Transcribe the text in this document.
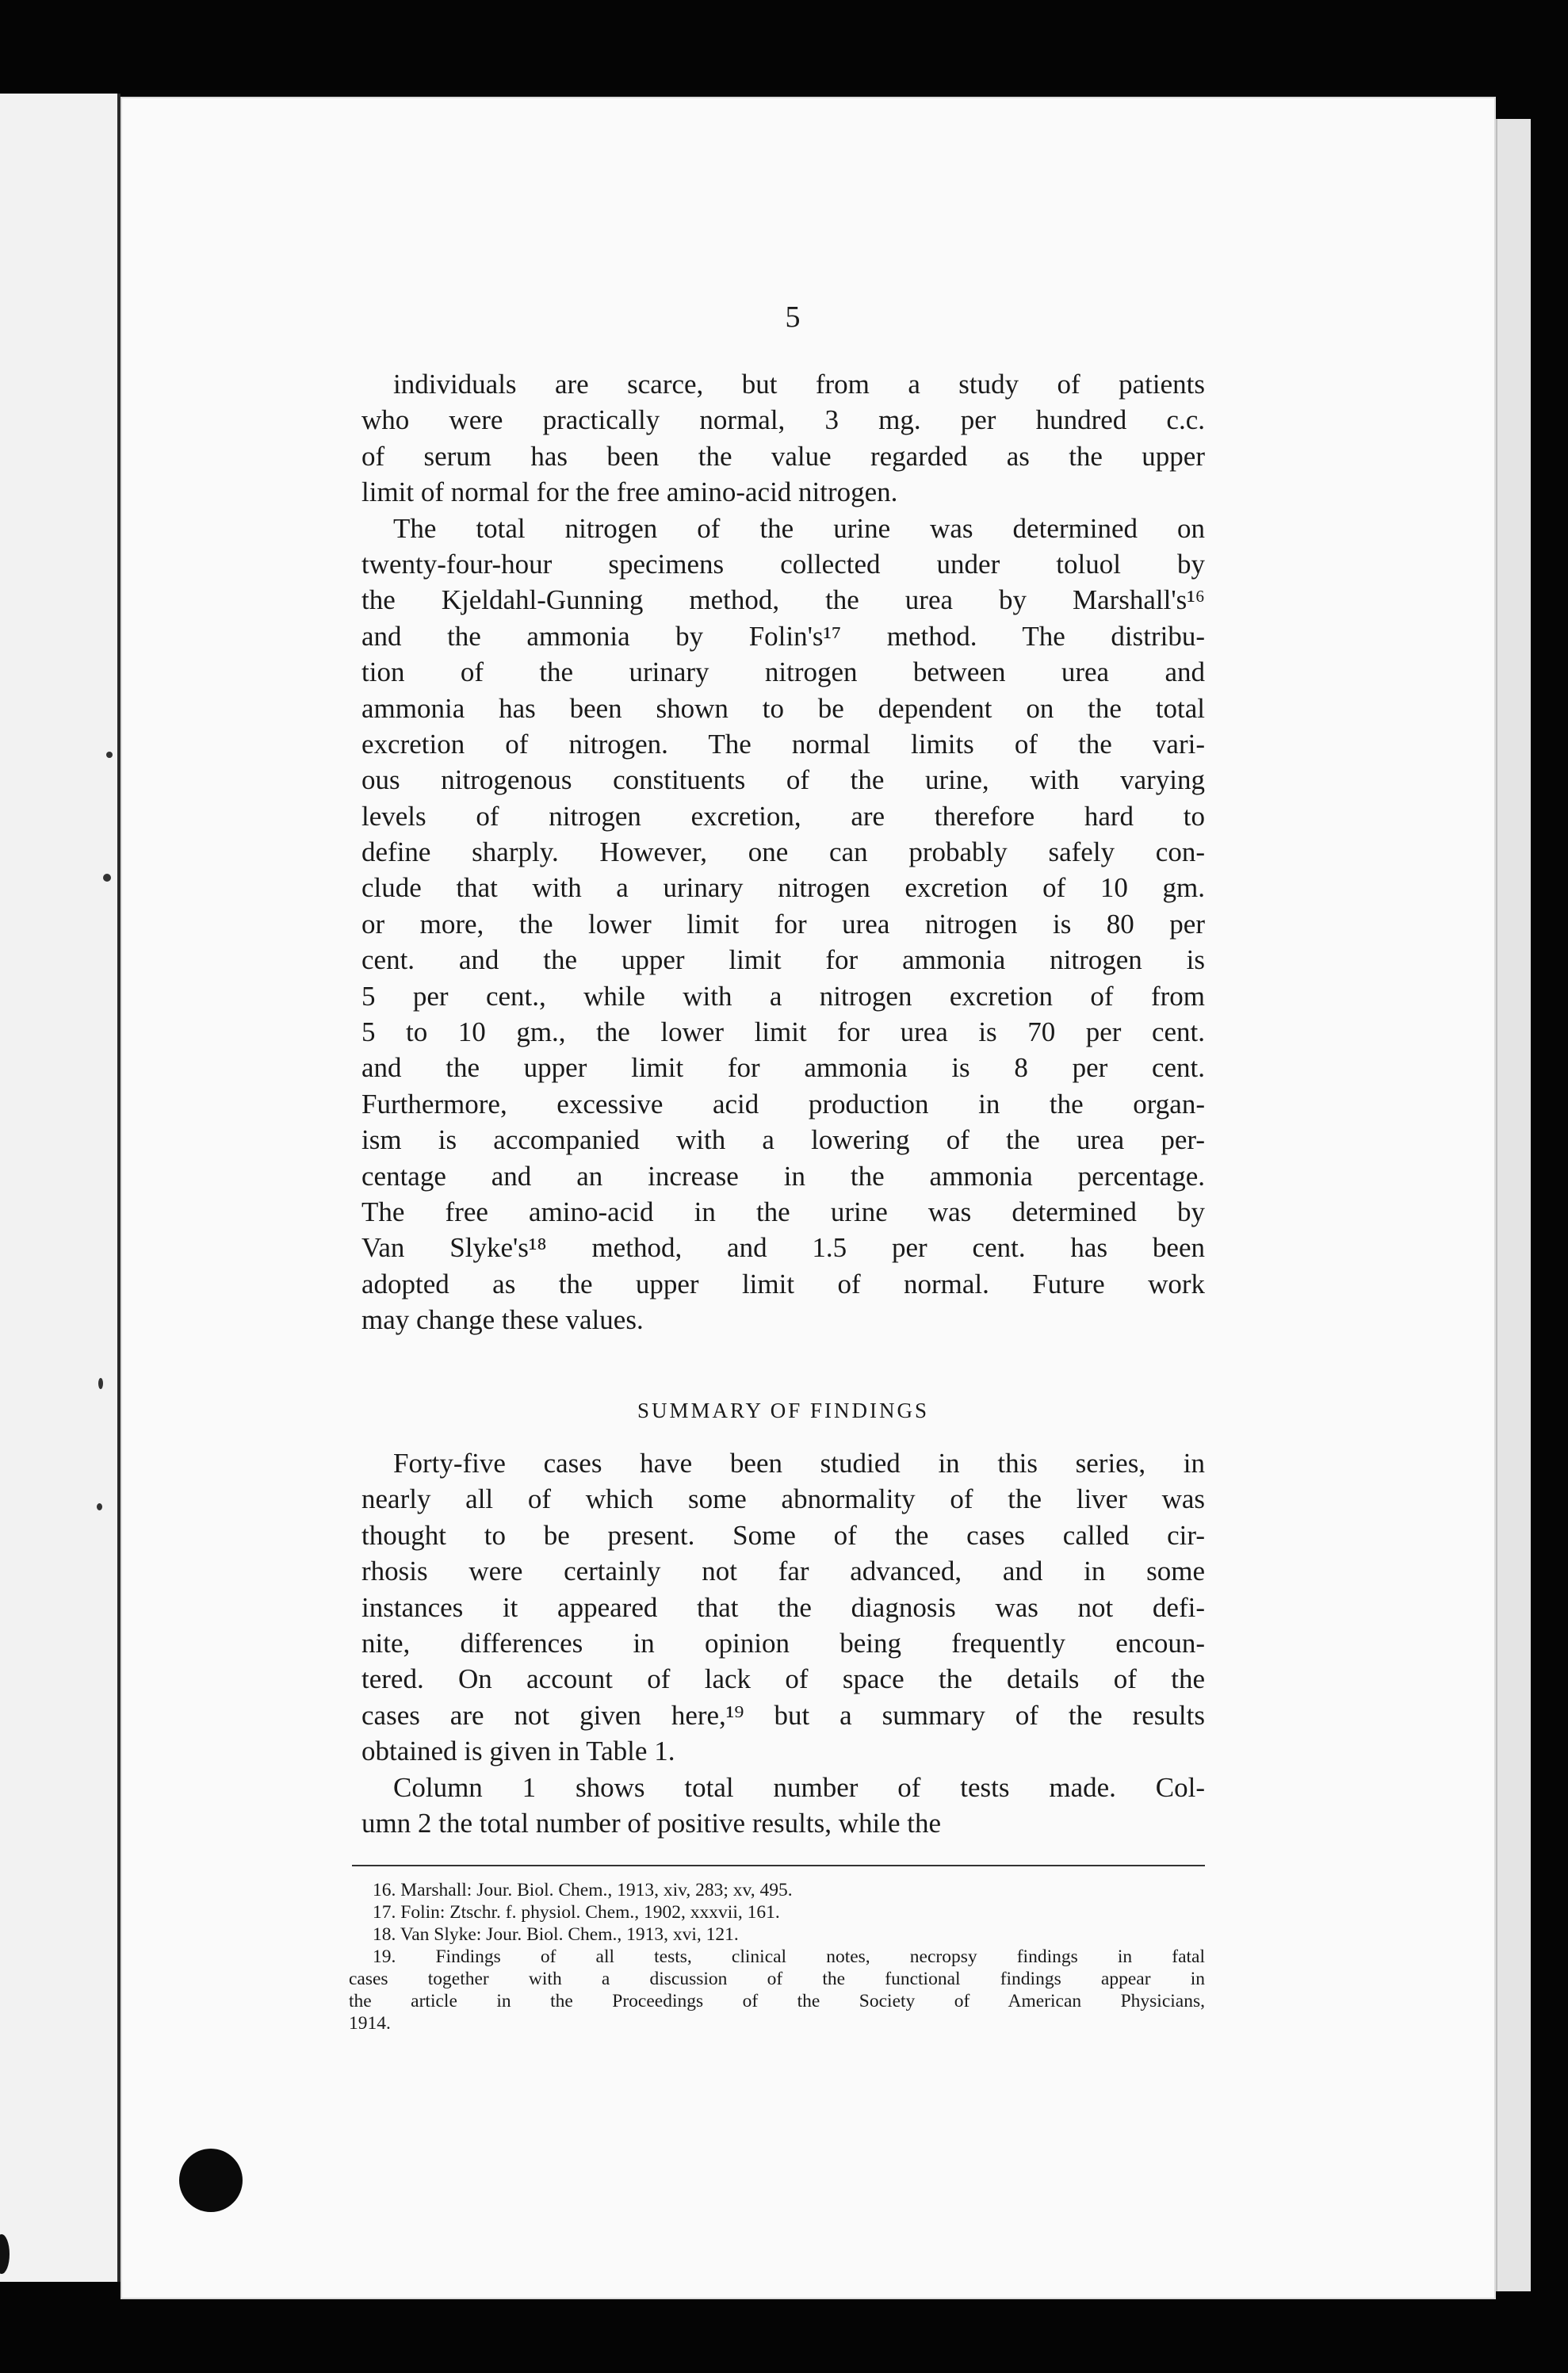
5
individuals are scarce, but from a study of patients
who were practically normal, 3 mg. per hundred c.c.
of serum has been the value regarded as the upper
limit of normal for the free amino-acid nitrogen.
The total nitrogen of the urine was determined on
twenty-four-hour specimens collected under toluol by
the Kjeldahl-Gunning method, the urea by Marshall's¹⁶
and the ammonia by Folin's¹⁷ method. The distribu-
tion of the urinary nitrogen between urea and
ammonia has been shown to be dependent on the total
excretion of nitrogen. The normal limits of the vari-
ous nitrogenous constituents of the urine, with varying
levels of nitrogen excretion, are therefore hard to
define sharply. However, one can probably safely con-
clude that with a urinary nitrogen excretion of 10 gm.
or more, the lower limit for urea nitrogen is 80 per
cent. and the upper limit for ammonia nitrogen is
5 per cent., while with a nitrogen excretion of from
5 to 10 gm., the lower limit for urea is 70 per cent.
and the upper limit for ammonia is 8 per cent.
Furthermore, excessive acid production in the organ-
ism is accompanied with a lowering of the urea per-
centage and an increase in the ammonia percentage.
The free amino-acid in the urine was determined by
Van Slyke's¹⁸ method, and 1.5 per cent. has been
adopted as the upper limit of normal. Future work
may change these values.
SUMMARY OF FINDINGS
Forty-five cases have been studied in this series, in
nearly all of which some abnormality of the liver was
thought to be present. Some of the cases called cir-
rhosis were certainly not far advanced, and in some
instances it appeared that the diagnosis was not defi-
nite, differences in opinion being frequently encoun-
tered. On account of lack of space the details of the
cases are not given here,¹⁹ but a summary of the results
obtained is given in Table 1.
Column 1 shows total number of tests made. Col-
umn 2 the total number of positive results, while the
16. Marshall: Jour. Biol. Chem., 1913, xiv, 283; xv, 495.
17. Folin: Ztschr. f. physiol. Chem., 1902, xxxvii, 161.
18. Van Slyke: Jour. Biol. Chem., 1913, xvi, 121.
19. Findings of all tests, clinical notes, necropsy findings in fatal
cases together with a discussion of the functional findings appear in
the article in the Proceedings of the Society of American Physicians,
1914.
